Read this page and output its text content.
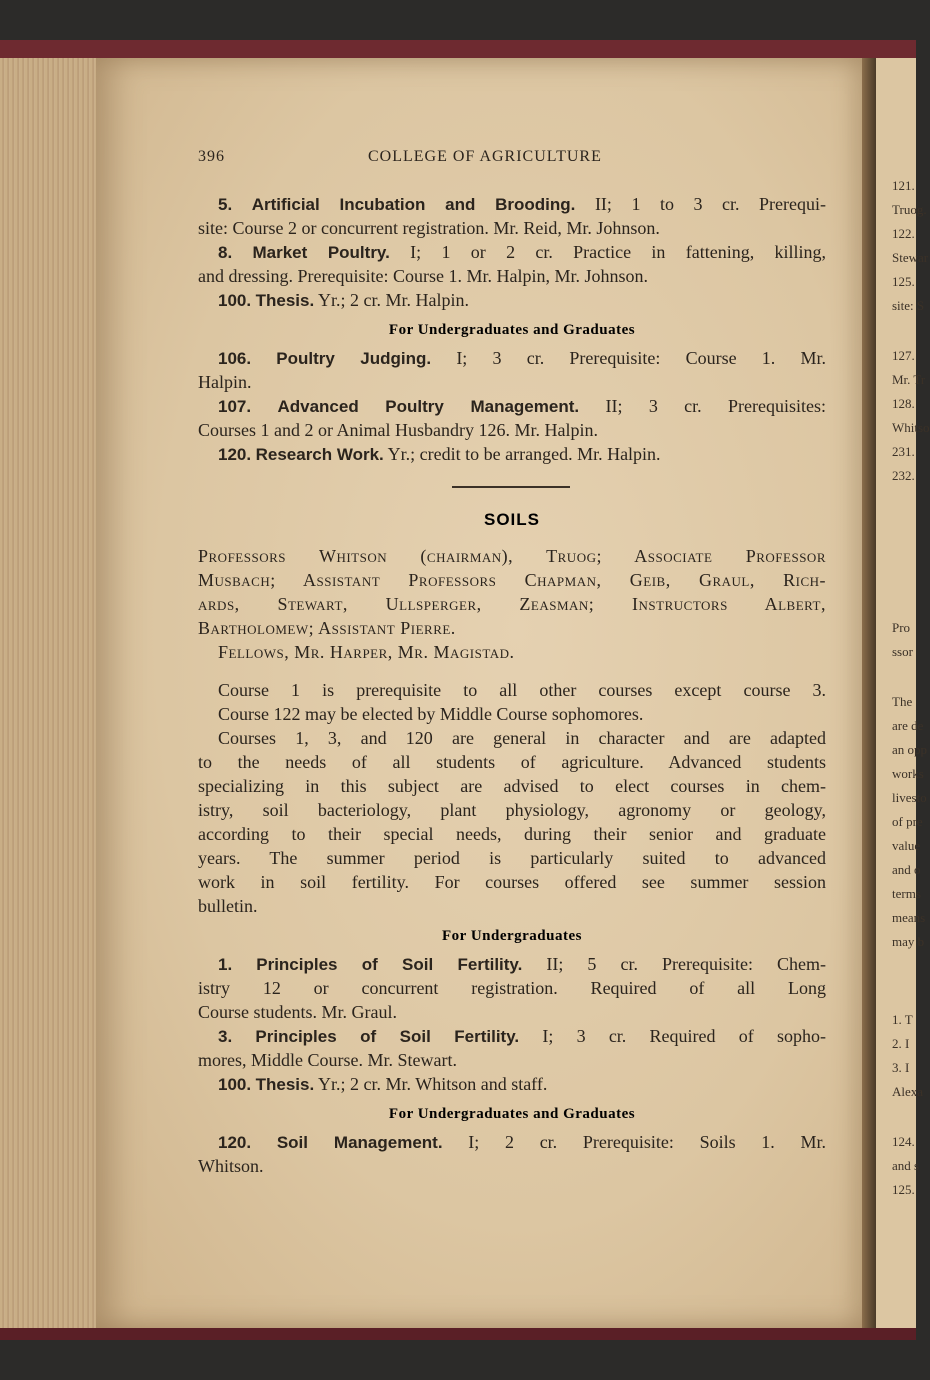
121.
Truog.
122.
Stewar
125.
site: S
127.
Mr. Tr
128.
Whitso
231.
232.
Pro
ssor
The
are de
an opp
works
livesto
of pre
value
and o
terms
means
may b
1. T
2. I
3. I
Alexa
124.
and s
125.
396	COLLEGE OF AGRICULTURE
5. Artificial Incubation and Brooding. II; 1 to 3 cr. Prerequi-
site: Course 2 or concurrent registration. Mr. Reid, Mr. Johnson.
8. Market Poultry. I; 1 or 2 cr. Practice in fattening, killing,
and dressing. Prerequisite: Course 1. Mr. Halpin, Mr. Johnson.
100. Thesis. Yr.; 2 cr. Mr. Halpin.
For Undergraduates and Graduates
106. Poultry Judging. I; 3 cr. Prerequisite: Course 1. Mr.
Halpin.
107. Advanced Poultry Management. II; 3 cr. Prerequisites:
Courses 1 and 2 or Animal Husbandry 126. Mr. Halpin.
120. Research Work. Yr.; credit to be arranged. Mr. Halpin.
SOILS
Professors Whitson (chairman), Truog; Associate Professor
Musbach; Assistant Professors Chapman, Geib, Graul, Rich-
ards, Stewart, Ullsperger, Zeasman; Instructors Albert,
Bartholomew; Assistant Pierre.
Fellows, Mr. Harper, Mr. Magistad.
Course 1 is prerequisite to all other courses except course 3.
Course 122 may be elected by Middle Course sophomores.
Courses 1, 3, and 120 are general in character and are adapted
to the needs of all students of agriculture. Advanced students
specializing in this subject are advised to elect courses in chem-
istry, soil bacteriology, plant physiology, agronomy or geology,
according to their special needs, during their senior and graduate
years. The summer period is particularly suited to advanced
work in soil fertility. For courses offered see summer session
bulletin.
For Undergraduates
1. Principles of Soil Fertility. II; 5 cr. Prerequisite: Chem-
istry 12 or concurrent registration. Required of all Long
Course students. Mr. Graul.
3. Principles of Soil Fertility. I; 3 cr. Required of sopho-
mores, Middle Course. Mr. Stewart.
100. Thesis. Yr.; 2 cr. Mr. Whitson and staff.
For Undergraduates and Graduates
120. Soil Management. I; 2 cr. Prerequisite: Soils 1. Mr.
Whitson.
